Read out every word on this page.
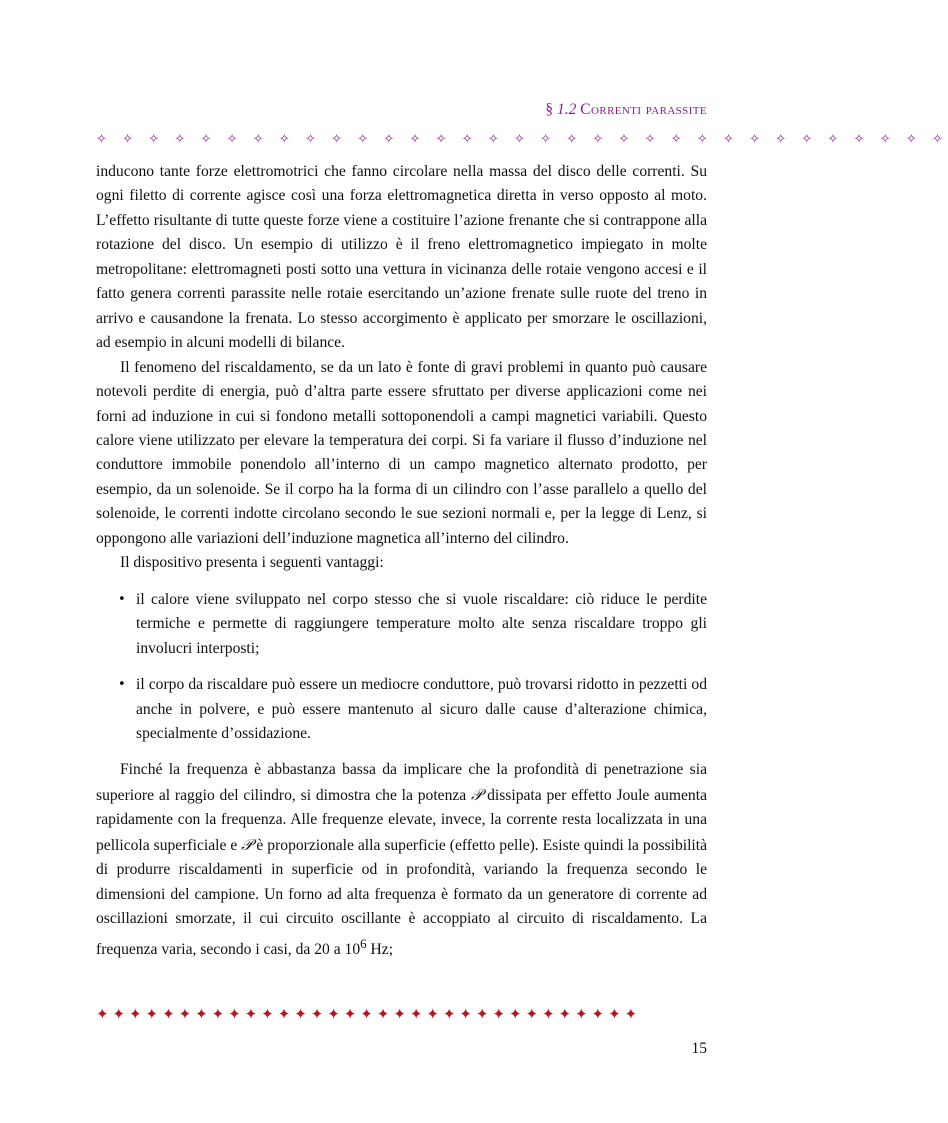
§ 1.2 Correnti parassite
✧ ✧ ✧ ✧ ✧ ✧ ✧ ✧ ✧ ✧ ✧ ✧ ✧ ✧ ✧ ✧ ✧ ✧ ✧ ✧ ✧ ✧ ✧ ✧ ✧ ✧ ✧ ✧ ✧ ✧ ✧ ✧ ✧

inducono tante forze elettromotrici che fanno circolare nella massa del disco delle correnti. Su ogni filetto di corrente agisce così una forza elettromagnetica diretta in verso opposto al moto. L’effetto risultante di tutte queste forze viene a costituire l’azione frenante che si contrappone alla rotazione del disco. Un esempio di utilizzo è il freno elettromagnetico impiegato in molte metropolitane: elettromagneti posti sotto una vettura in vicinanza delle rotaie vengono accesi e il fatto genera correnti parassite nelle rotaie esercitando un’azione frenate sulle ruote del treno in arrivo e causandone la frenata. Lo stesso accorgimento è applicato per smorzare le oscillazioni, ad esempio in alcuni modelli di bilance.

Il fenomeno del riscaldamento, se da un lato è fonte di gravi problemi in quanto può causare notevoli perdite di energia, può d’altra parte essere sfruttato per diverse applicazioni come nei forni ad induzione in cui si fondono metalli sottoponendoli a campi magnetici variabili. Questo calore viene utilizzato per elevare la temperatura dei corpi. Si fa variare il flusso d’induzione nel conduttore immobile ponendolo all’interno di un campo magnetico alternato prodotto, per esempio, da un solenoide. Se il corpo ha la forma di un cilindro con l’asse parallelo a quello del solenoide, le correnti indotte circolano secondo le sue sezioni normali e, per la legge di Lenz, si oppongono alle variazioni dell’induzione magnetica all’interno del cilindro.

Il dispositivo presenta i seguenti vantaggi:

• il calore viene sviluppato nel corpo stesso che si vuole riscaldare: ciò riduce le perdite termiche e permette di raggiungere temperature molto alte senza riscaldare troppo gli involucri interposti;
• il corpo da riscaldare può essere un mediocre conduttore, può trovarsi ridotto in pezzetti od anche in polvere, e può essere mantenuto al sicuro dalle cause d’alterazione chimica, specialmente d’ossidazione.

Finché la frequenza è abbastanza bassa da implicare che la profondità di penetrazione sia superiore al raggio del cilindro, si dimostra che la potenza 𝒫 dissipata per effetto Joule aumenta rapidamente con la frequenza. Alle frequenze elevate, invece, la corrente resta localizzata in una pellicola superficiale e 𝒫 è proporzionale alla superficie (effetto pelle). Esiste quindi la possibilità di produrre riscaldamenti in superficie od in profondità, variando la frequenza secondo le dimensioni del campione. Un forno ad alta frequenza è formato da un generatore di corrente ad oscillazioni smorzate, il cui circuito oscillante è accoppiato al circuito di riscaldamento. La frequenza varia, secondo i casi, da 20 a $10^6$ Hz;

✦✦✦✦✦✦✦✦✦✦✦✦✦✦✦✦✦✦✦✦✦✦✦✦✦✦✦✦✦✦✦✦✦
15
